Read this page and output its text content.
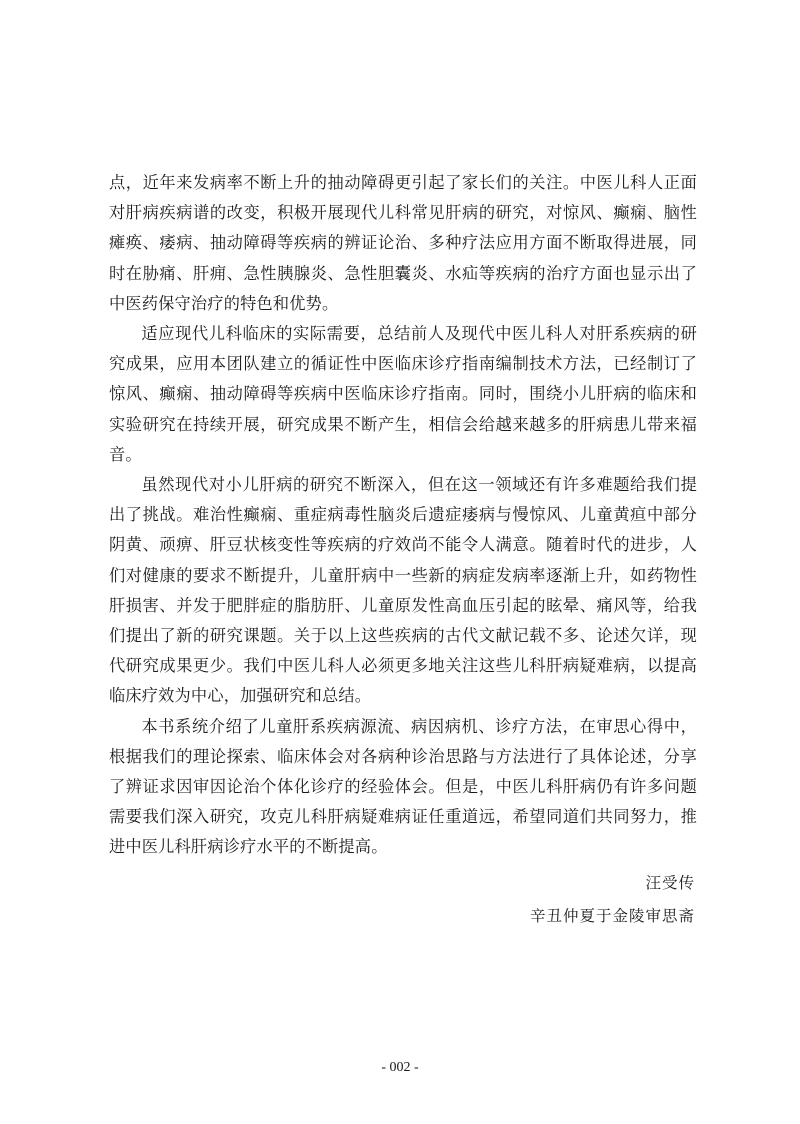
点，近年来发病率不断上升的抽动障碍更引起了家长们的关注。中医儿科人正面对肝病疾病谱的改变，积极开展现代儿科常见肝病的研究，对惊风、癫痫、脑性瘫痪、痿病、抽动障碍等疾病的辨证论治、多种疗法应用方面不断取得进展，同时在胁痛、肝痈、急性胰腺炎、急性胆囊炎、水疝等疾病的治疗方面也显示出了中医药保守治疗的特色和优势。

适应现代儿科临床的实际需要，总结前人及现代中医儿科人对肝系疾病的研究成果，应用本团队建立的循证性中医临床诊疗指南编制技术方法，已经制订了惊风、癫痫、抽动障碍等疾病中医临床诊疗指南。同时，围绕小儿肝病的临床和实验研究在持续开展，研究成果不断产生，相信会给越来越多的肝病患儿带来福音。

虽然现代对小儿肝病的研究不断深入，但在这一领域还有许多难题给我们提出了挑战。难治性癫痫、重症病毒性脑炎后遗症痿病与慢惊风、儿童黄疸中部分阴黄、顽痹、肝豆状核变性等疾病的疗效尚不能令人满意。随着时代的进步，人们对健康的要求不断提升，儿童肝病中一些新的病症发病率逐渐上升，如药物性肝损害、并发于肥胖症的脂肪肝、儿童原发性高血压引起的眩晕、痛风等，给我们提出了新的研究课题。关于以上这些疾病的古代文献记载不多、论述欠详，现代研究成果更少。我们中医儿科人必须更多地关注这些儿科肝病疑难病，以提高临床疗效为中心，加强研究和总结。

本书系统介绍了儿童肝系疾病源流、病因病机、诊疗方法，在审思心得中，根据我们的理论探索、临床体会对各病种诊治思路与方法进行了具体论述，分享了辨证求因审因论治个体化诊疗的经验体会。但是，中医儿科肝病仍有许多问题需要我们深入研究，攻克儿科肝病疑难病证任重道远，希望同道们共同努力，推进中医儿科肝病诊疗水平的不断提高。

汪受传
辛丑仲夏于金陵审思斋
- 002 -
